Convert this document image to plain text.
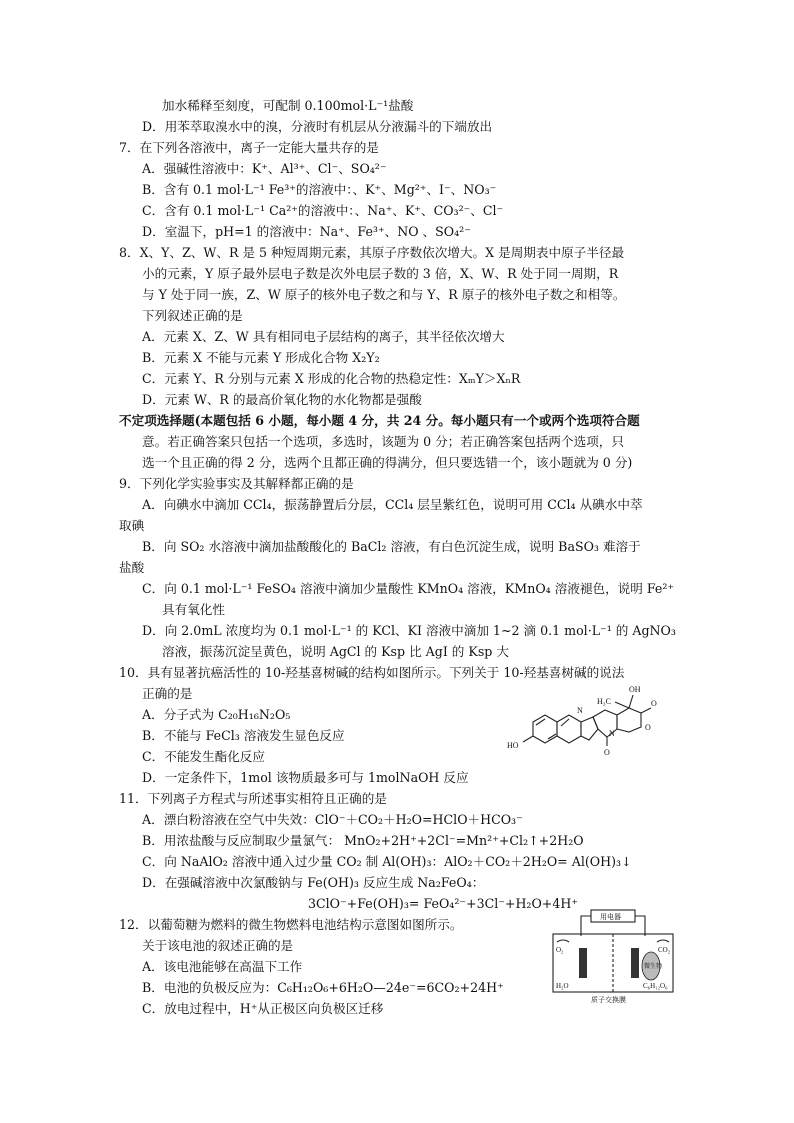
加水稀释至刻度，可配制 0.100mol·L⁻¹盐酸
D．用苯萃取溴水中的溴，分液时有机层从分液漏斗的下端放出
7．在下列各溶液中，离子一定能大量共存的是
A．强碱性溶液中：K⁺、Al³⁺、Cl⁻、SO₄²⁻
B．含有 0.1 mol·L⁻¹ Fe³⁺的溶液中：、K⁺、Mg²⁺、I⁻、NO₃⁻
C．含有 0.1 mol·L⁻¹ Ca²⁺的溶液中：、Na⁺、K⁺、CO₃²⁻、Cl⁻
D．室温下，pH=1 的溶液中：Na⁺、Fe³⁺、NO 、SO₄²⁻
8．X、Y、Z、W、R 是 5 种短周期元素，其原子序数依次增大。X 是周期表中原子半径最
小的元素，Y 原子最外层电子数是次外电层子数的 3 倍，X、W、R 处于同一周期，R
与 Y 处于同一族，Z、W 原子的核外电子数之和与 Y、R 原子的核外电子数之和相等。
下列叙述正确的是
A．元素 X、Z、W 具有相同电子层结构的离子，其半径依次增大
B．元素 X 不能与元素 Y 形成化合物 X₂Y₂
C．元素 Y、R 分别与元素 X 形成的化合物的热稳定性：XₘY＞XₙR
D．元素 W、R 的最高价氧化物的水化物都是强酸
不定项选择题(本题包括 6 小题，每小题 4 分，共 24 分。每小题只有一个或两个选项符合题
意。若正确答案只包括一个选项，多选时，该题为 0 分；若正确答案包括两个选项，只
选一个且正确的得 2 分，选两个且都正确的得满分，但只要选错一个，该小题就为 0 分)
9．下列化学实验事实及其解释都正确的是
A．向碘水中滴加 CCl₄，振荡静置后分层，CCl₄ 层呈紫红色，说明可用 CCl₄ 从碘水中萃
取碘
B．向 SO₂ 水溶液中滴加盐酸酸化的 BaCl₂ 溶液，有白色沉淀生成，说明 BaSO₃ 难溶于
盐酸
C．向 0.1 mol·L⁻¹ FeSO₄ 溶液中滴加少量酸性 KMnO₄ 溶液，KMnO₄ 溶液褪色，说明 Fe²⁺
具有氧化性
D．向 2.0mL 浓度均为 0.1 mol·L⁻¹ 的 KCl、KI 溶液中滴加 1~2 滴 0.1 mol·L⁻¹ 的 AgNO₃
溶液，振荡沉淀呈黄色，说明 AgCl 的 Ksp 比 AgI 的 Ksp 大
10．具有显著抗癌活性的 10-羟基喜树碱的结构如图所示。下列关于 10-羟基喜树碱的说法
正确的是
A．分子式为 C₂₀H₁₆N₂O₅
B．不能与 FeCl₃ 溶液发生显色反应
C．不能发生酯化反应
D．一定条件下，1mol 该物质最多可与 1molNaOH 反应
11．下列离子方程式与所述事实相符且正确的是
A．漂白粉溶液在空气中失效：ClO⁻＋CO₂＋H₂O=HClO＋HCO₃⁻
B．用浓盐酸与反应制取少量氯气： MnO₂+2H⁺+2Cl⁻=Mn²⁺+Cl₂↑+2H₂O
C．向 NaAlO₂ 溶液中通入过少量 CO₂ 制 Al(OH)₃：AlO₂＋CO₂＋2H₂O= Al(OH)₃↓
D．在强碱溶液中次氯酸钠与 Fe(OH)₃ 反应生成 Na₂FeO₄：
3ClO⁻+Fe(OH)₃= FeO₄²⁻+3Cl⁻+H₂O+4H⁺
12．以葡萄糖为燃料的微生物燃料电池结构示意图如图所示。
关于该电池的叙述正确的是
A．该电池能够在高温下工作
B．电池的负极反应为：C₆H₁₂O₆+6H₂O—24e⁻=6CO₂+24H⁺
C．放电过程中，H⁺从正极区向负极区迁移
OH
H₃C	O
O
N
N
O
HO
用电器
O₂	CO₂
H₂O	C₆H₁₂O₆
微生物
质子交换膜
